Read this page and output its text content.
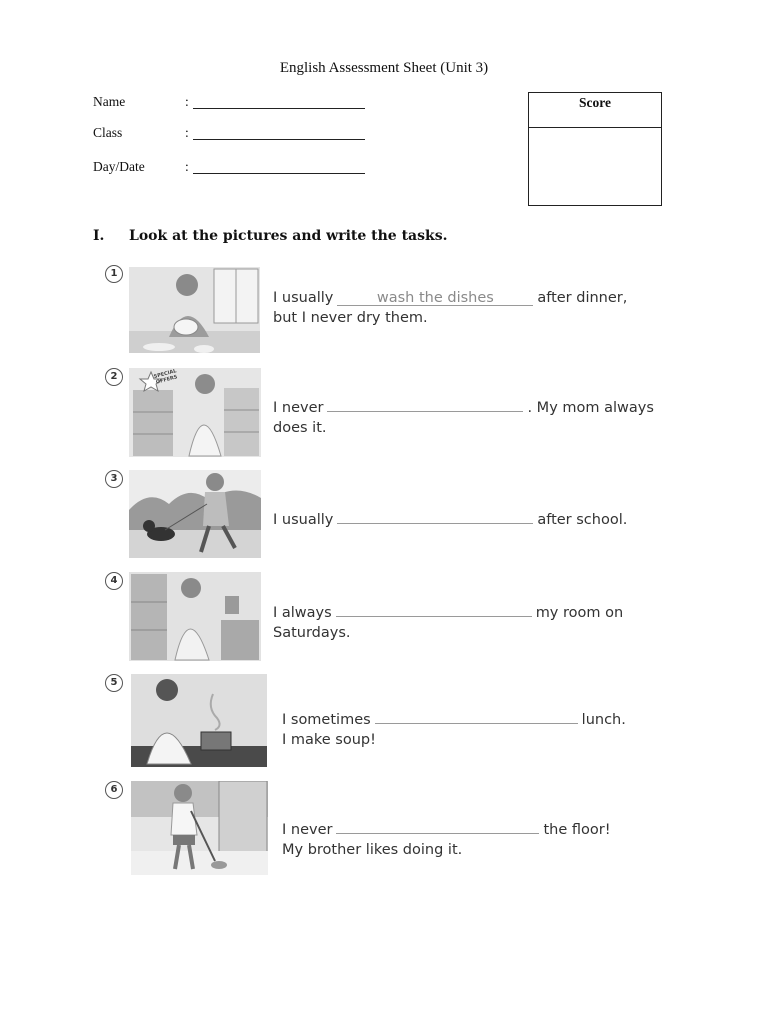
English Assessment Sheet (Unit 3)
Name	:
Class	:
Day/Date	:
Score
I. Look at the pictures and write the tasks.
1
I usually	wash the dishes	after dinner,
but I never dry them.
2	SPECIAL OFFERS
I never	. My mom always
does it.
3
I usually	after school.
4
I always	my room on
Saturdays.
5
I sometimes	lunch.
I make soup!
6
I never	the floor!
My brother likes doing it.
